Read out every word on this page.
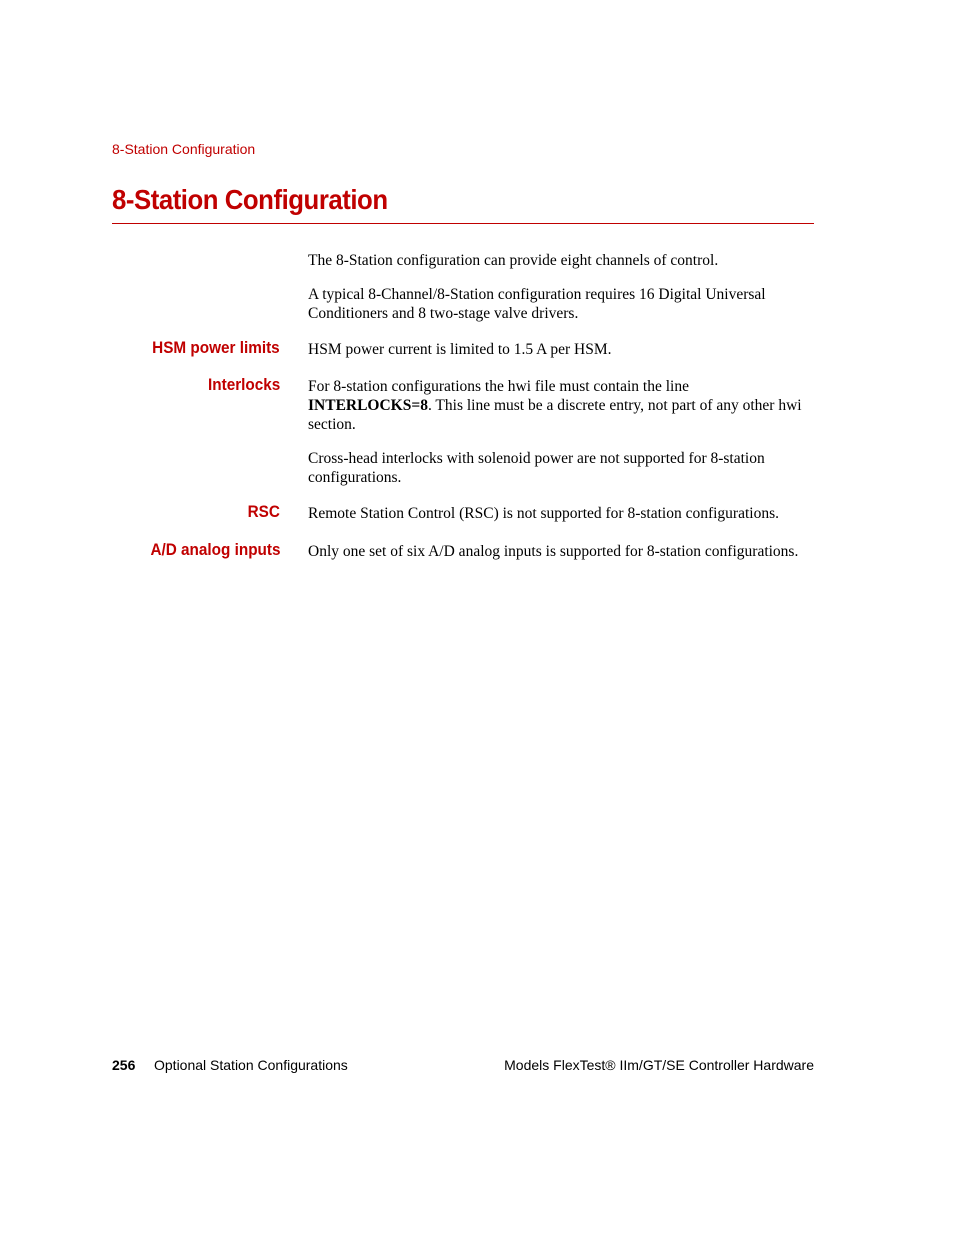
8-Station Configuration
8-Station Configuration

The 8-Station configuration can provide eight channels of control.

A typical 8-Channel/8-Station configuration requires 16 Digital Universal Conditioners and 8 two-stage valve drivers.

HSM power limits HSM power current is limited to 1.5 A per HSM.

Interlocks For 8-station configurations the hwi file must contain the line INTERLOCKS=8. This line must be a discrete entry, not part of any other hwi section.

Cross-head interlocks with solenoid power are not supported for 8-station configurations.

RSC Remote Station Control (RSC) is not supported for 8-station configurations.

A/D analog inputs Only one set of six A/D analog inputs is supported for 8-station configurations.

256 Optional Station Configurations	Models FlexTest® IIm/GT/SE Controller Hardware
